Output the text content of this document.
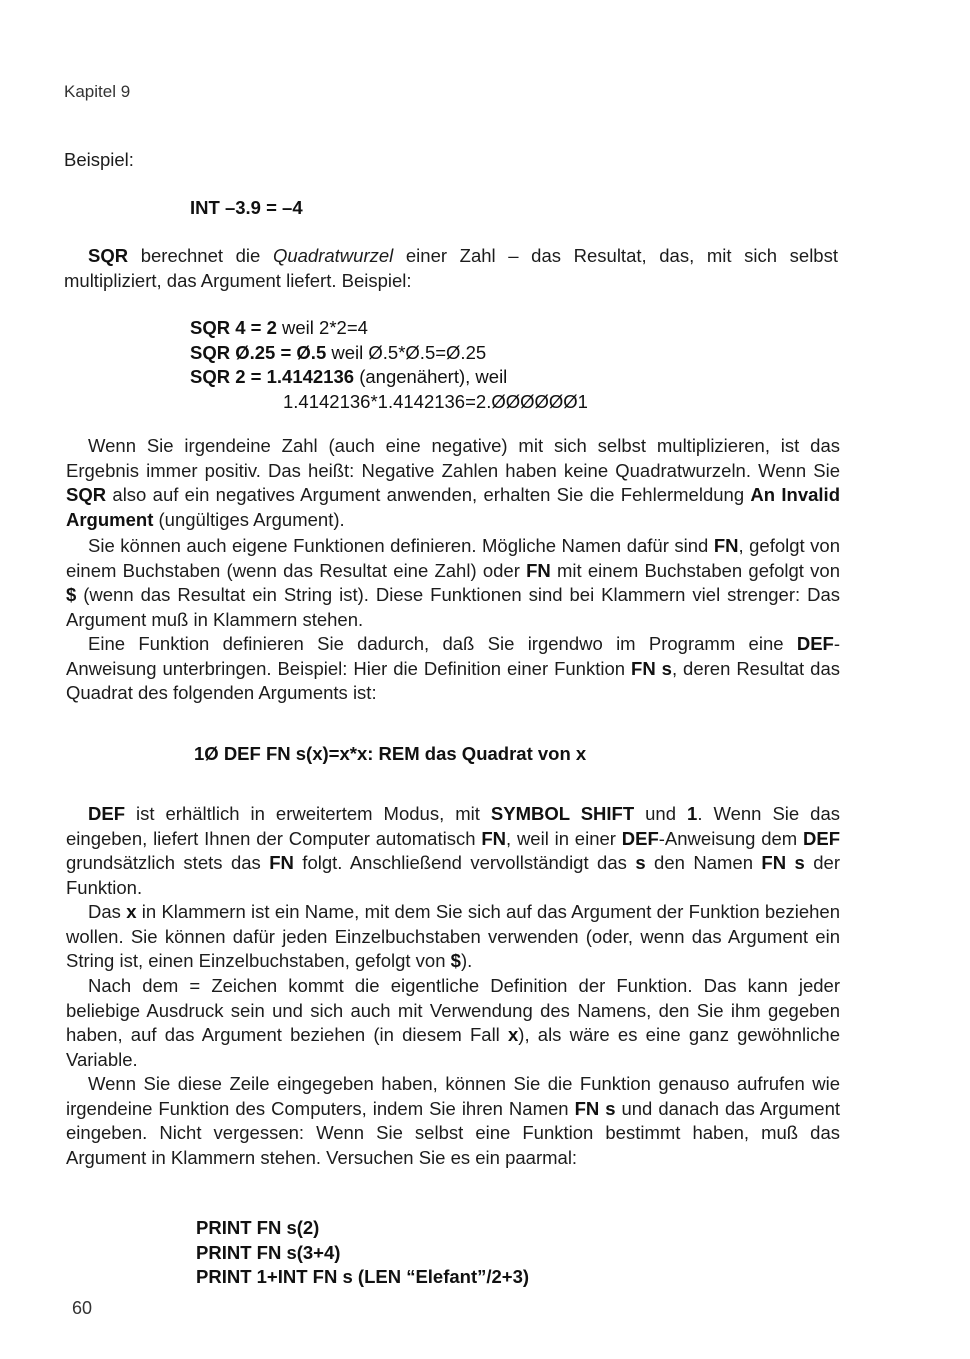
Kapitel 9
Beispiel:
INT –3.9 = –4
SQR berechnet die Quadratwurzel einer Zahl – das Resultat, das, mit sich selbst multipliziert, das Argument liefert. Beispiel:
SQR 4 = 2 weil 2*2=4
SQR Ø.25 = Ø.5 weil Ø.5*Ø.5=Ø.25
SQR 2 = 1.4142136 (angenähert), weil
1.4142136*1.4142136=2.ØØØØØØ1
Wenn Sie irgendeine Zahl (auch eine negative) mit sich selbst multiplizieren, ist das Ergebnis immer positiv. Das heißt: Negative Zahlen haben keine Quadratwurzeln. Wenn Sie SQR also auf ein negatives Argument anwenden, erhalten Sie die Fehlermeldung An Invalid Argument (ungültiges Argument).
Sie können auch eigene Funktionen definieren. Mögliche Namen dafür sind FN, gefolgt von einem Buchstaben (wenn das Resultat eine Zahl) oder FN mit einem Buchstaben gefolgt von $ (wenn das Resultat ein String ist). Diese Funktionen sind bei Klammern viel strenger: Das Argument muß in Klammern stehen.
Eine Funktion definieren Sie dadurch, daß Sie irgendwo im Programm eine DEF-Anweisung unterbringen. Beispiel: Hier die Definition einer Funktion FN s, deren Resultat das Quadrat des folgenden Arguments ist:
1Ø DEF FN s(x)=x*x: REM das Quadrat von x
DEF ist erhältlich in erweitertem Modus, mit SYMBOL SHIFT und 1. Wenn Sie das eingeben, liefert Ihnen der Computer automatisch FN, weil in einer DEF-Anweisung dem DEF grundsätzlich stets das FN folgt. Anschließend vervollständigt das s den Namen FN s der Funktion.
Das x in Klammern ist ein Name, mit dem Sie sich auf das Argument der Funktion beziehen wollen. Sie können dafür jeden Einzelbuchstaben verwenden (oder, wenn das Argument ein String ist, einen Einzelbuchstaben, gefolgt von $).
Nach dem = Zeichen kommt die eigentliche Definition der Funktion. Das kann jeder beliebige Ausdruck sein und sich auch mit Verwendung des Namens, den Sie ihm gegeben haben, auf das Argument beziehen (in diesem Fall x), als wäre es eine ganz gewöhnliche Variable.
Wenn Sie diese Zeile eingegeben haben, können Sie die Funktion genauso aufrufen wie irgendeine Funktion des Computers, indem Sie ihren Namen FN s und danach das Argument eingeben. Nicht vergessen: Wenn Sie selbst eine Funktion bestimmt haben, muß das Argument in Klammern stehen. Versuchen Sie es ein paarmal:
PRINT FN s(2)
PRINT FN s(3+4)
PRINT 1+INT FN s (LEN “Elefant”/2+3)
60
